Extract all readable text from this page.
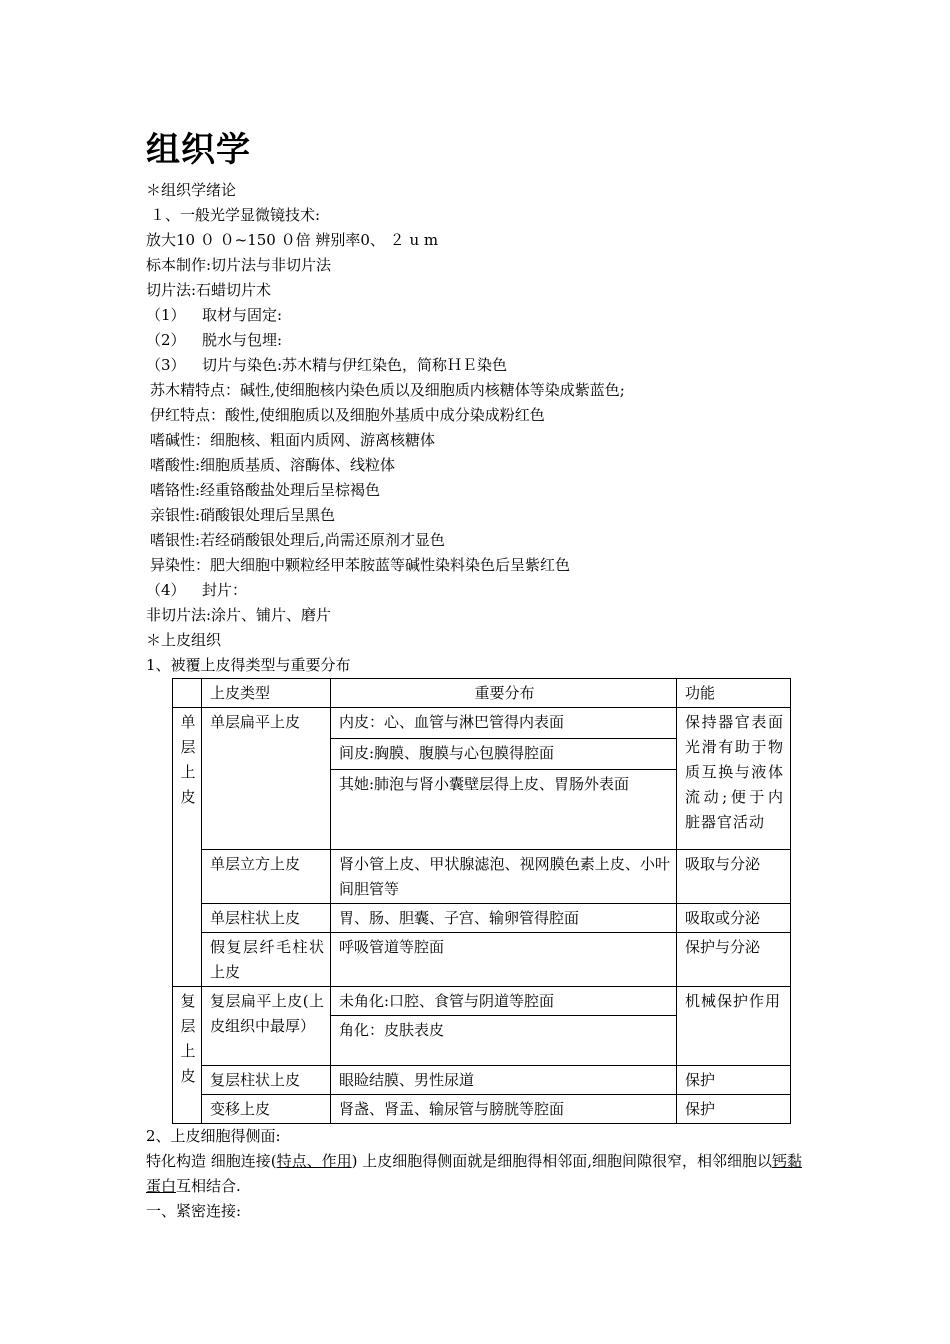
组织学
＊组织学绪论
１、一般光学显微镜技术:
放大10 ０ ０~150 ０倍 辨别率0、 ２ u m
标本制作:切片法与非切片法
切片法:石蜡切片术
（1） 取材与固定:
（2） 脱水与包埋:
（3） 切片与染色:苏木精与伊红染色，简称ＨＥ染色
苏木精特点：碱性,使细胞核内染色质以及细胞质内核糖体等染成紫蓝色;
伊红特点：酸性,使细胞质以及细胞外基质中成分染成粉红色
嗜碱性：细胞核、粗面内质网、游离核糖体
嗜酸性:细胞质基质、溶酶体、线粒体
嗜铬性:经重铬酸盐处理后呈棕褐色
亲银性:硝酸银处理后呈黑色
嗜银性:若经硝酸银处理后,尚需还原剂才显色
异染性：肥大细胞中颗粒经甲苯胺蓝等碱性染料染色后呈紫红色
（4） 封片：
非切片法:涂片、铺片、磨片
＊上皮组织
1、被覆上皮得类型与重要分布
	上皮类型	重要分布	功能

单
层
上
皮	单层扁平上皮	内皮：心、血管与淋巴管得内表面	保持器官表面光滑有助于物质互换与液体流动;便于内脏器官活动
		间皮:胸膜、腹膜与心包膜得腔面	
		其她:肺泡与肾小囊壁层得上皮、胃肠外表面	
	单层立方上皮	肾小管上皮、甲状腺滤泡、视网膜色素上皮、小叶间胆管等	吸取与分泌
	单层柱状上皮	胃、肠、胆囊、子宫、输卵管得腔面	吸取或分泌
	假复层纤毛柱状上皮	呼吸管道等腔面	保护与分泌

复
层
上
皮	复层扁平上皮(上皮组织中最厚）	未角化:口腔、食管与阴道等腔面	机械保护作用
		角化：皮肤表皮	
	复层柱状上皮	眼睑结膜、男性尿道	保护
	变移上皮	肾盏、肾盂、输尿管与膀胱等腔面	保护
2、上皮细胞得侧面:
特化构造 细胞连接(特点、作用) 上皮细胞得侧面就是细胞得相邻面,细胞间隙很窄，相邻细胞以钙黏蛋白互相结合.
一、紧密连接:
